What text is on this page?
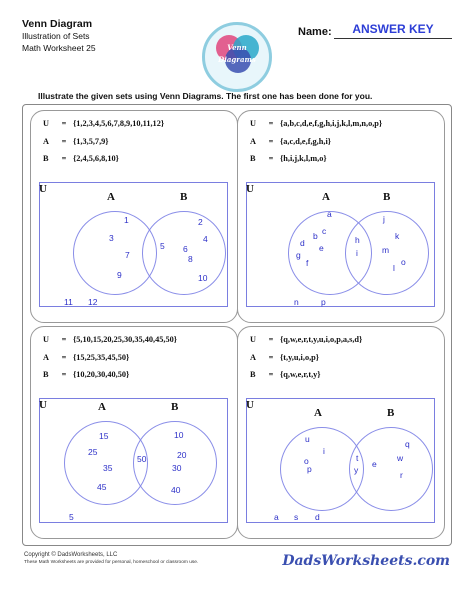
Venn Diagram
Illustration of Sets
Math Worksheet 25	Venn
Diagrams
Name:	ANSWER KEY
Illustrate the given sets using Venn Diagrams. The first one has been done for you.
U = {1,2,3,4,5,6,7,8,9,10,11,12}
A = {1,3,5,7,9}
B = {2,4,5,6,8,10}
U
A	B
1
3
7
9
5
2
4
8
6
10
11 12
U = {a,b,c,d,e,f,g,h,i,j,k,l,m,n,o,p}
A = {a,c,d,e,f,g,h,i}
B = {h,i,j,k,l,m,o}
U
A	B
a
c
b
d e
g
f
h
i
j
k
m
l
o
n	p
U = {5,10,15,20,25,30,35,40,45,50}
A = {15,25,35,45,50}
B = {10,20,30,40,50}
U	A	B
15
25
35
45
50
10
20
30
40
5
U = {q,w,e,r,t,y,u,i,o,p,a,s,d}
A = {t,y,u,i,o,p}
B = {q,w,e,r,t,y}
U
A	B
u
i
o
p
t
y
q
w
e
r
a s d
Copyright © DadsWorksheets, LLC
These Math Worksheets are provided for personal, homeschool or classroom use.	DadsWorksheets.com
